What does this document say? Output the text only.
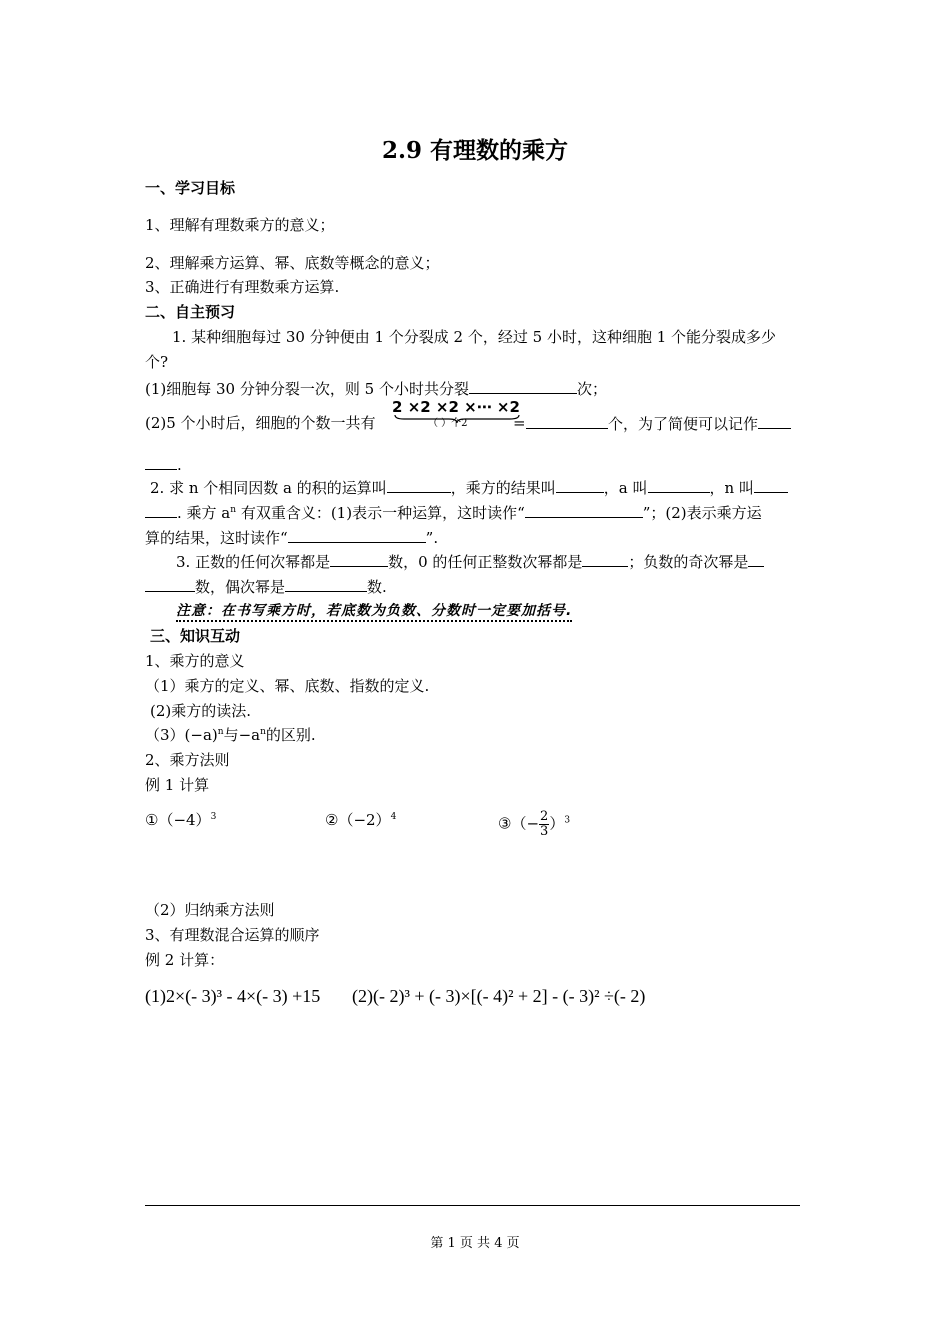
2.9 有理数的乘方
一、学习目标
1、理解有理数乘方的意义；
2、理解乘方运算、幂、底数等概念的意义；
3、正确进行有理数乘方运算.
二、自主预习
1. 某种细胞每过 30 分钟便由 1 个分裂成 2 个，经过 5 小时，这种细胞 1 个能分裂成多少
个?
(1)细胞每 30 分钟分裂一次，则 5 个小时共分裂	次；
(2)5 个小时后，细胞的个数一共有
2 ×2 ×2 ×⋯ ×2
（ ）个2	=	个，为了简便可以记作
.
2. 求 n 个相同因数 a 的积的运算叫	，乘方的结果叫	，a 叫	，n 叫
. 乘方 $a^n$ 有双重含义：(1)表示一种运算，这时读作“	”；(2)表示乘方运
算的结果，这时读作“	”.
3. 正数的任何次幂都是	数，0 的任何正整数次幂都是	；负数的奇次幂是
数，偶次幂是	数.
注意：在书写乘方时，若底数为负数、分数时一定要加括号.
三、知识互动
1、乘方的意义
（1）乘方的定义、幂、底数、指数的定义.
(2)乘方的读法.
$(3)(-a)^n$与$-a^n$的区别.
2、乘方法则
例 1 计算
$①(-4)^3$	$②(-2)^4$	③（− $\frac{2}{3} )^3$
（2）归纳乘方法则
3、有理数混合运算的顺序
例 2 计算：
(1)2×(- 3)³ - 4×(- 3) +15 (2)(- 2)³ + (- 3)×[(- 4)² + 2] - (- 3)² ÷(- 2)
第 1 页 共 4 页
